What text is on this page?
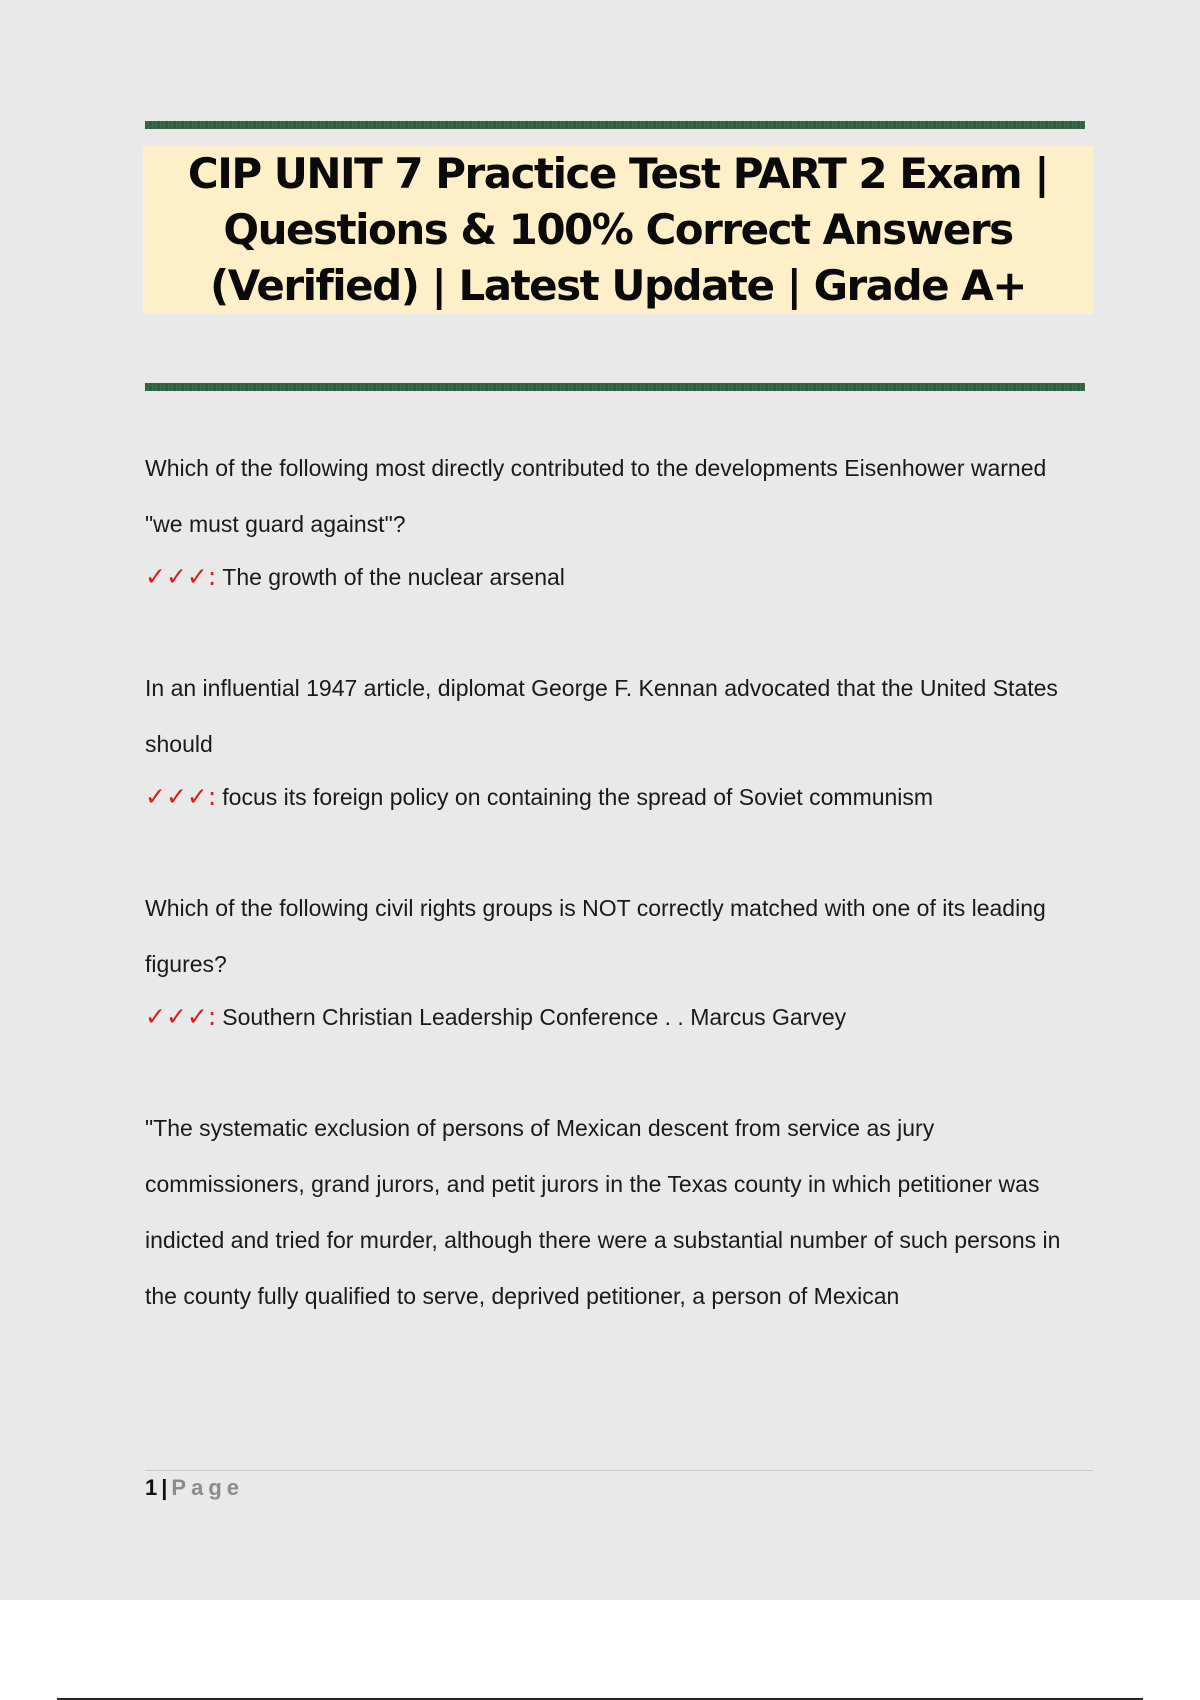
CIP UNIT 7 Practice Test PART 2 Exam | Questions & 100% Correct Answers (Verified) | Latest Update | Grade A+

Which of the following most directly contributed to the developments Eisenhower warned "we must guard against"?

✓✓✓: The growth of the nuclear arsenal

In an influential 1947 article, diplomat George F. Kennan advocated that the United States should

✓✓✓: focus its foreign policy on containing the spread of Soviet communism

Which of the following civil rights groups is NOT correctly matched with one of its leading figures?

✓✓✓: Southern Christian Leadership Conference . . Marcus Garvey

"The systematic exclusion of persons of Mexican descent from service as jury commissioners, grand jurors, and petit jurors in the Texas county in which petitioner was indicted and tried for murder, although there were a substantial number of such persons in the county fully qualified to serve, deprived petitioner, a person of Mexican

1 | Page
